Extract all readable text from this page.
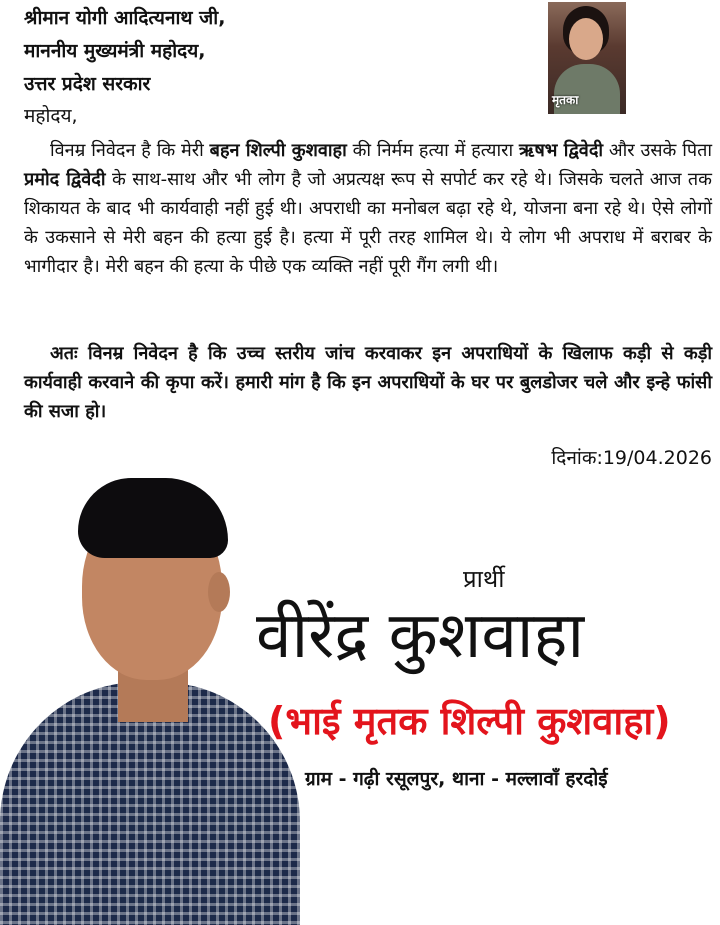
श्रीमान योगी आदित्यनाथ जी,
माननीय मुख्यमंत्री महोदय,
उत्तर प्रदेश सरकार
महोदय,
मृतका
विनम्र निवेदन है कि मेरी बहन शिल्पी कुशवाहा की निर्मम हत्या में हत्यारा ऋषभ द्विवेदी और उसके पिता प्रमोद द्विवेदी के साथ-साथ और भी लोग है जो अप्रत्यक्ष रूप से सपोर्ट कर रहे थे। जिसके चलते आज तक शिकायत के बाद भी कार्यवाही नहीं हुई थी। अपराधी का मनोबल बढ़ा रहे थे, योजना बना रहे थे। ऐसे लोगों के उकसाने से मेरी बहन की हत्या हुई है। हत्या में पूरी तरह शामिल थे। ये लोग भी अपराध में बराबर के भागीदार है। मेरी बहन की हत्या के पीछे एक व्यक्ति नहीं पूरी गैंग लगी थी।
अतः विनम्र निवेदन है कि उच्च स्तरीय जांच करवाकर इन अपराधियों के खिलाफ कड़ी से कड़ी कार्यवाही करवाने की कृपा करें। हमारी मांग है कि इन अपराधियों के घर पर बुलडोजर चले और इन्हे फांसी की सजा हो।
दिनांक:19/04.2026
प्रार्थी
वीरेंद्र कुशवाहा
(भाई मृतक शिल्पी कुशवाहा)
ग्राम - गढ़ी रसूलपुर, थाना - मल्लावाँ हरदोई
